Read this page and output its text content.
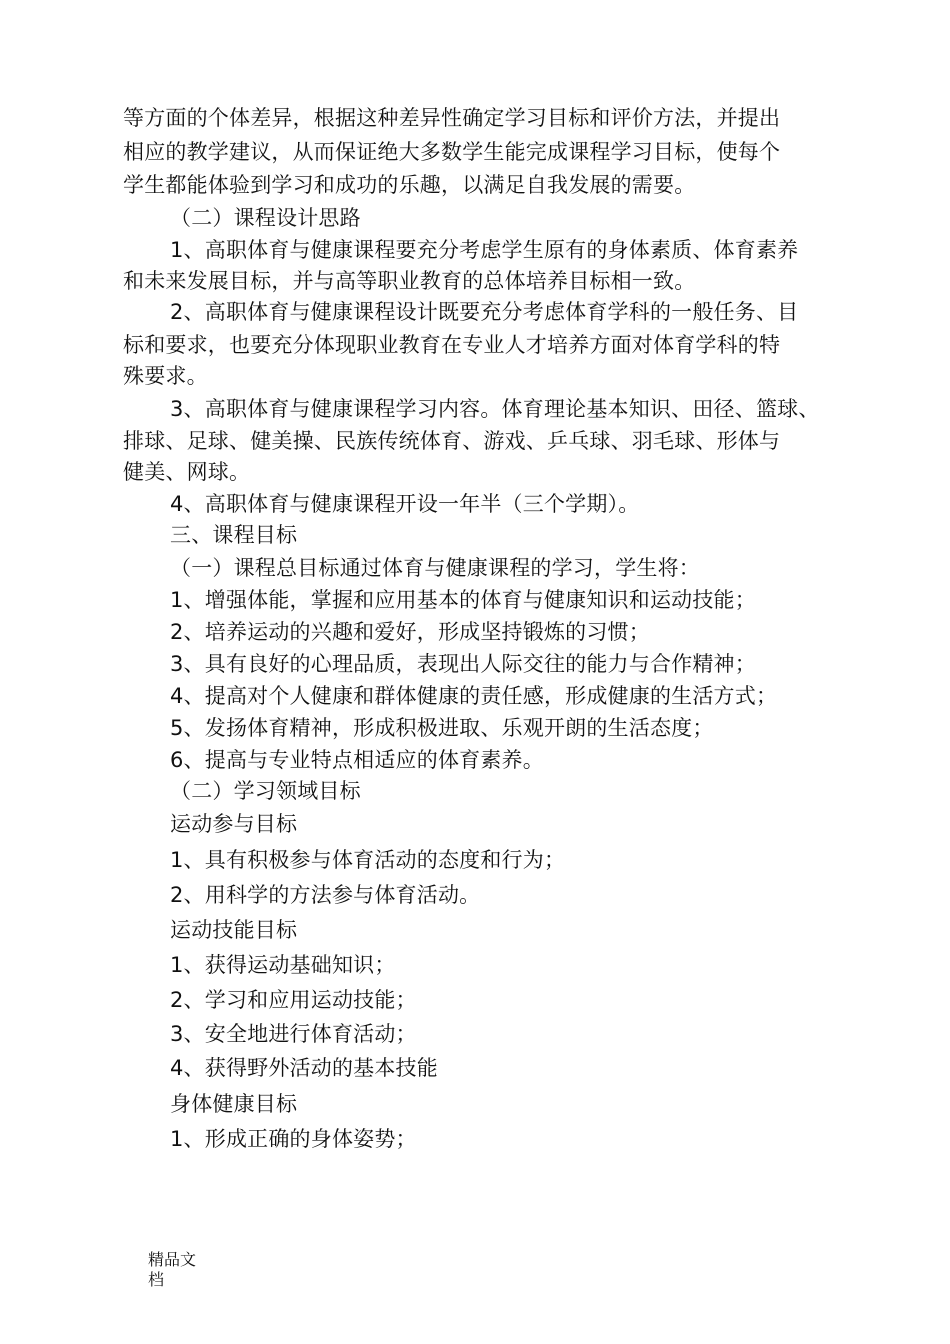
等方面的个体差异，根据这种差异性确定学习目标和评价方法，并提出
相应的教学建议，从而保证绝大多数学生能完成课程学习目标，使每个
学生都能体验到学习和成功的乐趣，以满足自我发展的需要。
（二）课程设计思路
1、高职体育与健康课程要充分考虑学生原有的身体素质、体育素养
和未来发展目标，并与高等职业教育的总体培养目标相一致。
2、高职体育与健康课程设计既要充分考虑体育学科的一般任务、目
标和要求，也要充分体现职业教育在专业人才培养方面对体育学科的特
殊要求。
3、高职体育与健康课程学习内容。体育理论基本知识、田径、篮球、
排球、足球、健美操、民族传统体育、游戏、乒乓球、羽毛球、形体与
健美、网球。
4、高职体育与健康课程开设一年半（三个学期）。
三、课程目标
（一）课程总目标通过体育与健康课程的学习，学生将：
1、增强体能，掌握和应用基本的体育与健康知识和运动技能；
2、培养运动的兴趣和爱好，形成坚持锻炼的习惯；
3、具有良好的心理品质，表现出人际交往的能力与合作精神；
4、提高对个人健康和群体健康的责任感，形成健康的生活方式；
5、发扬体育精神，形成积极进取、乐观开朗的生活态度；
6、提高与专业特点相适应的体育素养。
（二）学习领域目标
运动参与目标
1、具有积极参与体育活动的态度和行为；
2、用科学的方法参与体育活动。
运动技能目标
1、获得运动基础知识；
2、学习和应用运动技能；
3、安全地进行体育活动；
4、获得野外活动的基本技能
身体健康目标
1、形成正确的身体姿势；
精品文
档
